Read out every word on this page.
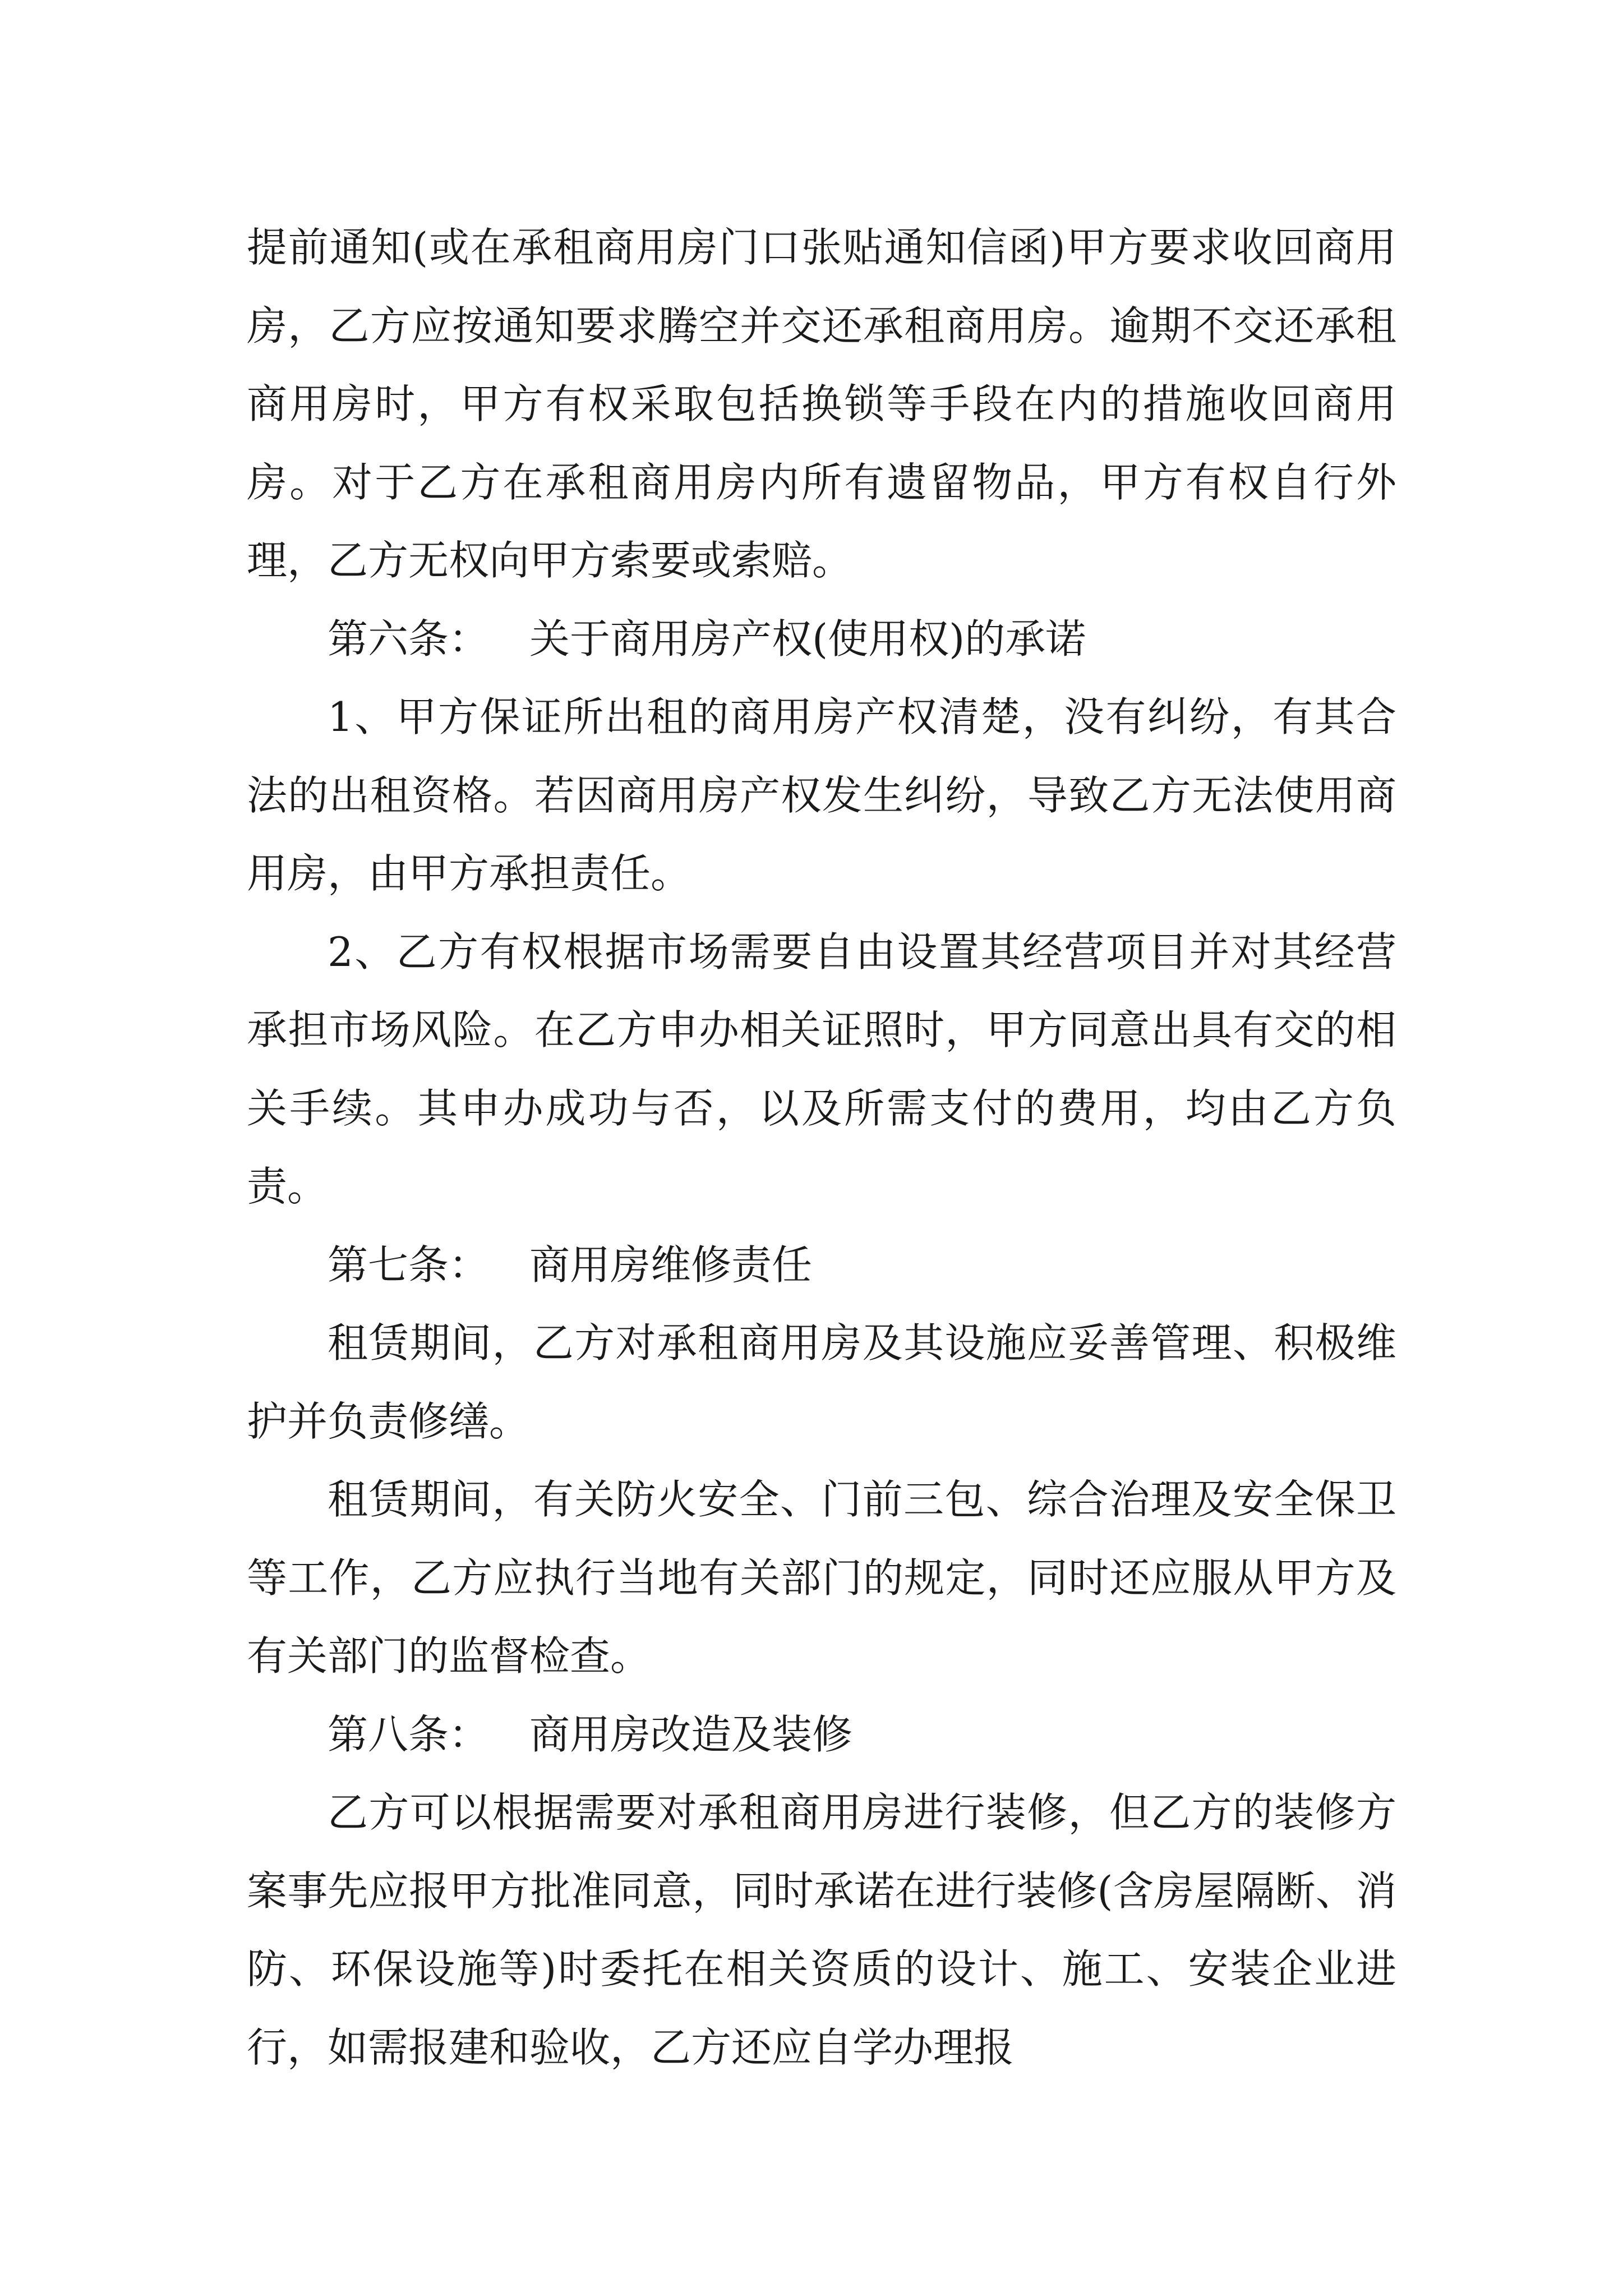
提前通知(或在承租商用房门口张贴通知信函)甲方要求收回商用房，乙方应按通知要求腾空并交还承租商用房。逾期不交还承租商用房时，甲方有权采取包括换锁等手段在内的措施收回商用房。对于乙方在承租商用房内所有遗留物品，甲方有权自行外理，乙方无权向甲方索要或索赔。

第六条： 关于商用房产权(使用权)的承诺

1、甲方保证所出租的商用房产权清楚，没有纠纷，有其合法的出租资格。若因商用房产权发生纠纷，导致乙方无法使用商用房，由甲方承担责任。

2、乙方有权根据市场需要自由设置其经营项目并对其经营承担市场风险。在乙方申办相关证照时，甲方同意出具有交的相关手续。其申办成功与否，以及所需支付的费用，均由乙方负责。

第七条： 商用房维修责任

租赁期间，乙方对承租商用房及其设施应妥善管理、积极维护并负责修缮。

租赁期间，有关防火安全、门前三包、综合治理及安全保卫等工作，乙方应执行当地有关部门的规定，同时还应服从甲方及有关部门的监督检查。

第八条： 商用房改造及装修

乙方可以根据需要对承租商用房进行装修，但乙方的装修方案事先应报甲方批准同意，同时承诺在进行装修(含房屋隔断、消防、环保设施等)时委托在相关资质的设计、施工、安装企业进行，如需报建和验收，乙方还应自学办理报
